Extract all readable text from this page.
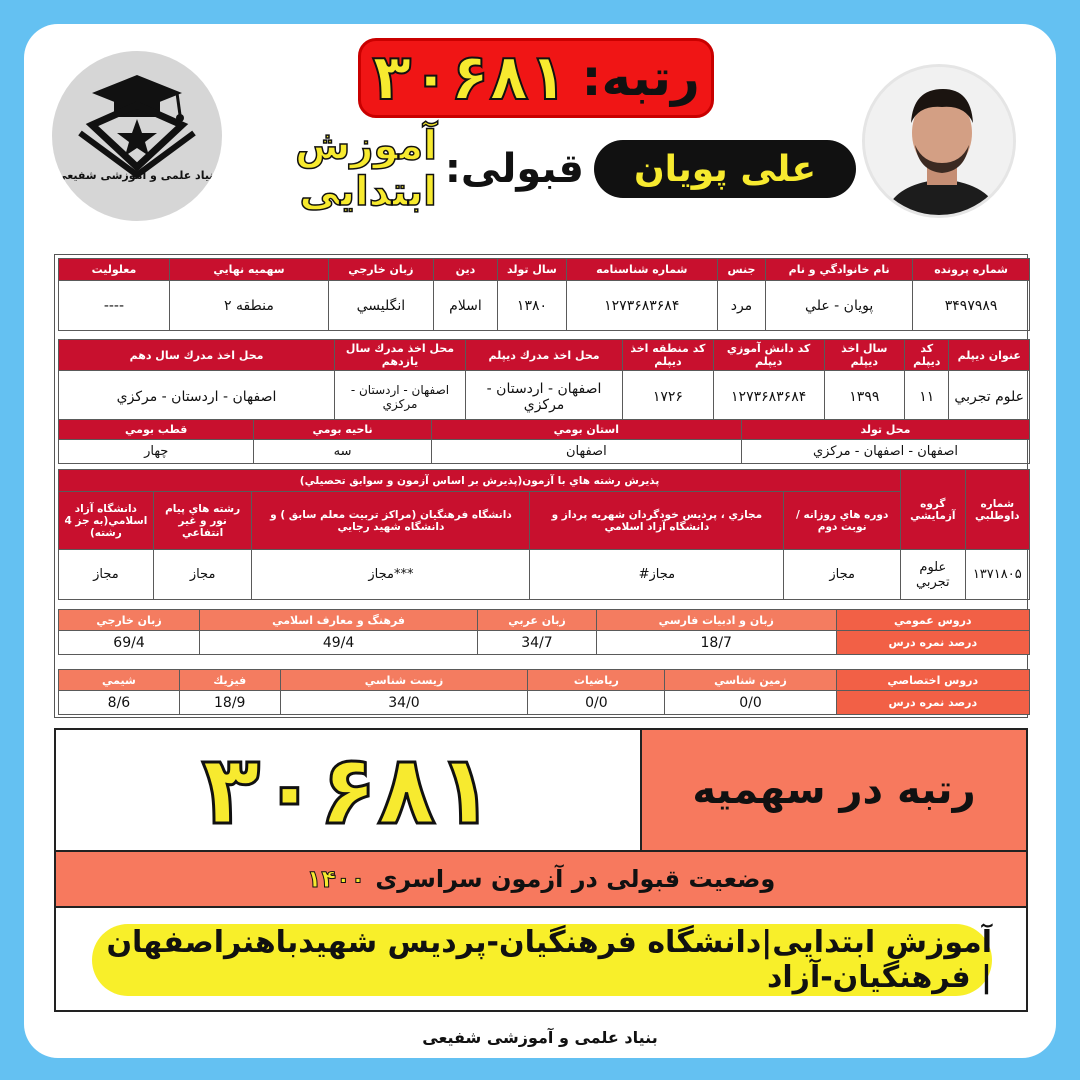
رتبه:
۳۰۶۸۱
بنیاد علمی و آموزشی شفیعی	علی پویان
قبولی:
آموزش ابتدایی
شماره پرونده	نام خانوادگي و نام	جنس	شماره شناسنامه	سال تولد	دين	زبان خارجي	سهميه نهايي	معلوليت
۳۴۹۷۹۸۹	پويان - علي	مرد	۱۲۷۳۶۸۳۶۸۴	۱۳۸۰	اسلام	انگليسي	منطقه ۲	----
عنوان ديپلم	كد ديپلم	سال اخذ ديپلم	كد دانش آموزي ديپلم	كد منطقه اخذ ديپلم	محل اخذ مدرك ديپلم	محل اخذ مدرك سال يازدهم	محل اخذ مدرك سال دهم
علوم تجربي	۱۱	۱۳۹۹	۱۲۷۳۶۸۳۶۸۴	۱۷۲۶	اصفهان - اردستان - مركزي	اصفهان - اردستان - مركزي	اصفهان - اردستان - مركزي
محل تولد	استان بومي	ناحيه بومي	قطب بومي
اصفهان - اصفهان - مركزي	اصفهان	سه	چهار
شماره داوطلبي	گروه آزمايشي	پذيرش رشته هاي با آزمون(پذيرش بر اساس آزمون و سوابق تحصيلي)				
		دوره هاي روزانه / نوبت دوم	مجازي ، پرديس خودگردان شهريه پرداز و دانشگاه آزاد اسلامي	دانشگاه فرهنگيان (مراكز تربيت معلم سابق ) و دانشگاه شهيد رجايي	رشته هاي پيام نور و غير انتفاعي	دانشگاه آزاد اسلامي(به جز 4 رشته)
۱۳۷۱۸۰۵	علوم تجربي	مجاز	مجاز#	***مجاز	مجاز	مجاز
دروس عمومي	زبان و ادبيات فارسي	زبان عربي	فرهنگ و معارف اسلامي	زبان خارجي
درصد نمره درس	18/7	34/7	49/4	69/4
دروس اختصاصي	زمين شناسي	رياضيات	زيست شناسي	فيزيك	شيمي
درصد نمره درس	0/0	0/0	34/0	18/9	8/6
۳۰۶۸۱	رتبه در سهمیه
وضعیت قبولی در آزمون سراسری
۱۴۰۰
آموزش ابتدایی|دانشگاه فرهنگیان-پردیس شهیدباهنراصفهان | فرهنگیان-آزاد
بنیاد علمی و آموزشی شفیعی
